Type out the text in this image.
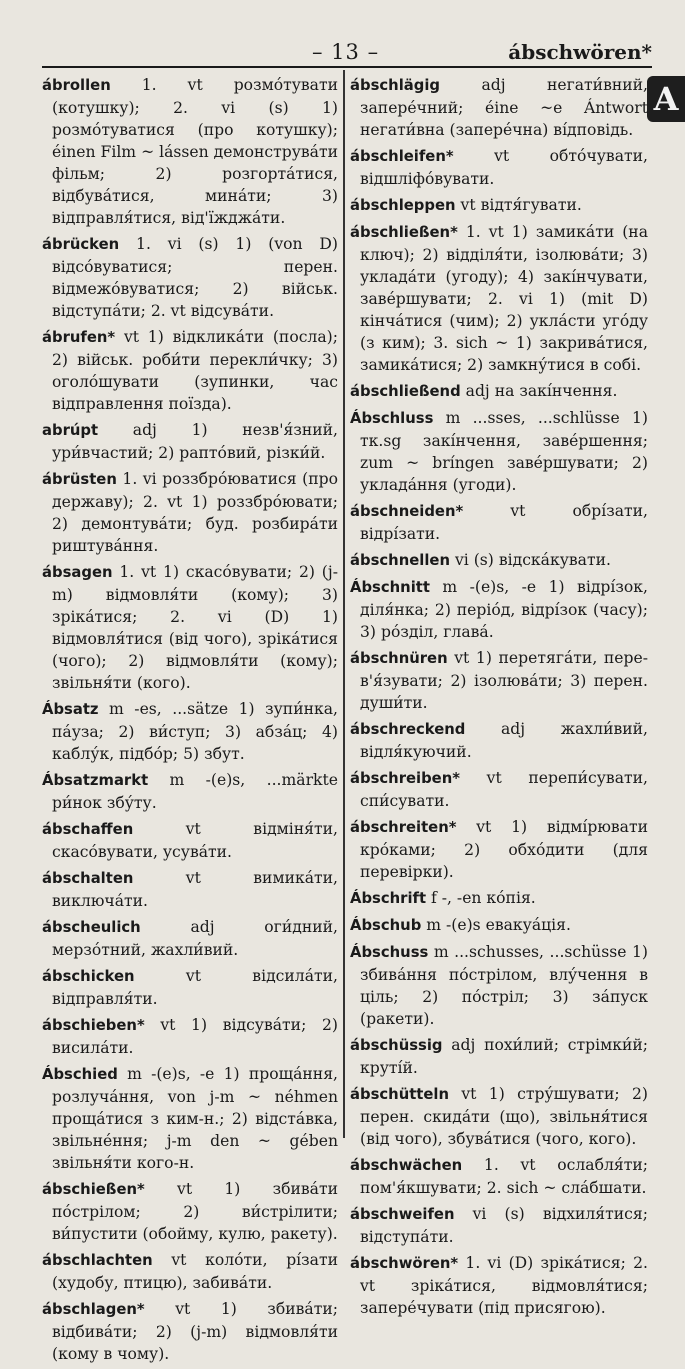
– 13 –	ábschwören*
A

ábrollen 1. vt розмо́тувати (котушку); 2. vi (s) 1) розмо́туватися (про котушку); éinen Film ~ lássen демонструва́ти фільм; 2) розгорта́тися, відбува́тися, мина́ти; 3) відправля́тися, від'їжджа́ти.

ábrücken 1. vi (s) 1) (von D) відсо́вуватися; перен. відмежо́вуватися; 2) військ. відступа́ти; 2. vt відсува́ти.

ábrufen* vt 1) відклика́ти (посла); 2) військ. роби́ти перекли́чку; 3) оголо́шувати (зупинки, час відправлення поїзда).

abrúpt adj 1) незв'я́зний, ури́вчастий; 2) рапто́вий, різки́й.

ábrüsten 1. vi роззбро́юватися (про державу); 2. vt 1) роззбро́ювати; 2) демонтува́ти; буд. розбира́ти риштува́ння.

ábsagen 1. vt 1) скасо́вувати; 2) (j-m) відмовля́ти (кому); 3) зріка́тися; 2. vi (D) 1) відмовля́тися (від чого), зріка́тися (чого); 2) відмовля́ти (кому); звільня́ти (кого).

Ábsatz m -es, ...sätze 1) зупи́нка, па́уза; 2) ви́ступ; 3) абза́ц; 4) каблу́к, підбо́р; 5) збут.

Ábsatzmarkt m -(e)s, ...märkte ри́нок збу́ту.

ábschaffen	vt відміня́ти, скасо́вувати, усува́ти.

ábschalten	vt вимика́ти, виключа́ти.

ábscheulich	adj оги́дний, мерзо́тний, жахли́вий.

ábschicken	vt відсила́ти, відправля́ти.

ábschieben* vt 1) відсува́ти; 2) висила́ти.

Ábschied m -(e)s, -e 1) проща́ння, розлуча́ння, von j-m ~ néhmen проща́тися з ким-н.; 2) відста́вка, звільне́ння; j-m den ~ gében звільня́ти кого-н.

ábschießen* vt 1) збива́ти по́стрілом; 2) ви́стрілити; ви́пустити (обойму, кулю, ракету).

ábschlachten vt коло́ти, рі́зати (худобу, птицю), забива́ти.

ábschlagen* vt 1) збива́ти; відбива́ти; 2) (j-m) відмовля́ти (кому в чому).

ábschlägig	adj негати́вний, запере́чний; éine ~e Ántwort негати́вна (запере́чна) ві́дповідь.

ábschleifen*	vt обто́чувати, відшліфо́вувати.

ábschleppen vt відтя́гувати.

ábschließen* 1. vt 1) замика́ти (на ключ); 2) відділя́ти, ізолюва́ти; 3) уклада́ти (угоду); 4) закі́нчувати, заве́ршувати; 2. vi 1) (mit D) кінча́тися (чим); 2) укла́сти уго́ду (з ким); 3. sich ~ 1) закрива́тися, замика́тися; 2) замкну́тися в собі.

ábschließend adj на закі́нчення.

Ábschluss m ...sses, ...schlüsse 1) тк.sg закі́нчення, заве́ршення; zum ~ bríngen заве́ршувати; 2) уклада́ння (угоди).

ábschneiden*	vt обрі́зати, відрі́зати.

ábschnellen vi (s) відска́кувати.

Ábschnitt m -(e)s, -e 1) відрі́зок, діля́нка; 2) періо́д, відрі́зок (часу); 3) ро́зділ, глава́.

ábschnüren vt 1) перетяга́ти, пере-в'я́зувати; 2) ізолюва́ти; 3) перен. души́ти.

ábschreckend adj жахли́вий, відля́куючий.

ábschreiben* vt перепи́сувати, спи́сувати.

ábschreiten* vt 1) відмі́рювати кро́ками; 2) обхо́дити (для перевірки).

Ábschrift f -, -en ко́пія.

Ábschub m -(e)s евакуа́ція.

Ábschuss m ...schusses, ...schüsse 1) збива́ння по́стрілом, влу́чення в ціль; 2) по́стріл; 3) за́пуск (ракети).

ábschüssig adj похи́лий; стрімки́й; круті́й.

ábschütteln vt 1) стру́шувати; 2) перен. скида́ти (що), звільня́тися (від чого), збува́тися (чого, кого).

ábschwächen 1. vt ослабля́ти; пом'я́кшувати; 2. sich ~ сла́бшати.

ábschweifen vi (s) відхиля́тися; відступа́ти.

ábschwören* 1. vi (D) зріка́тися; 2. vt зріка́тися, відмовля́тися; запере́чувати (під присягою).
